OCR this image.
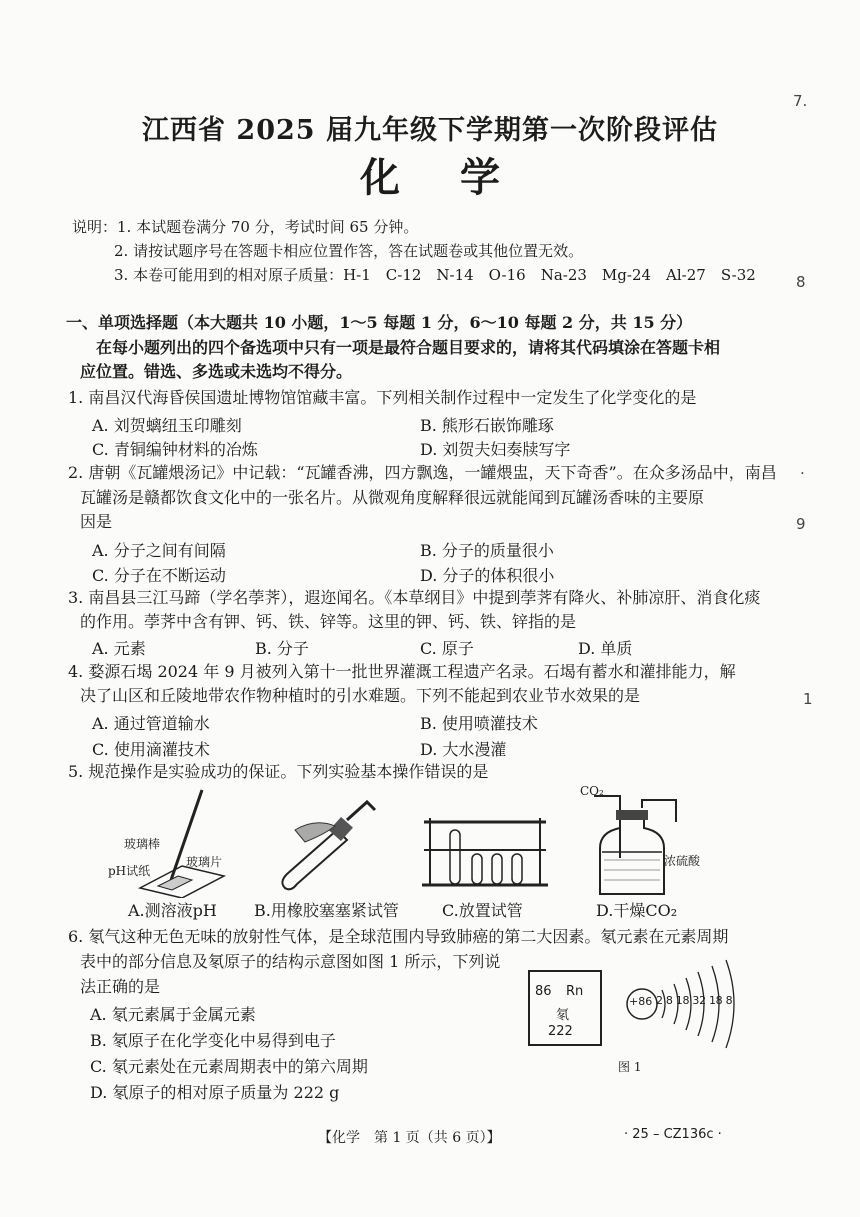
7.
8
.
9
1
江西省 2025 届九年级下学期第一次阶段评估
化学
说明：1. 本试题卷满分 70 分，考试时间 65 分钟。
2. 请按试题序号在答题卡相应位置作答，答在试题卷或其他位置无效。
3. 本卷可能用到的相对原子质量：H-1　C-12　N-14　O-16　Na-23　Mg-24　Al-27　S-32
一、单项选择题（本大题共 10 小题，1～5 每题 1 分，6～10 每题 2 分，共 15 分）
在每小题列出的四个备选项中只有一项是最符合题目要求的，请将其代码填涂在答题卡相
应位置。错选、多选或未选均不得分。
1. 南昌汉代海昏侯国遗址博物馆馆藏丰富。下列相关制作过程中一定发生了化学变化的是
A. 刘贺螭纽玉印雕刻	B. 熊形石嵌饰雕琢
C. 青铜编钟材料的冶炼	D. 刘贺夫妇奏牍写字
2. 唐朝《瓦罐煨汤记》中记载：“瓦罐香沸，四方飘逸，一罐煨盅，天下奇香”。在众多汤品中，南昌
瓦罐汤是赣都饮食文化中的一张名片。从微观角度解释很远就能闻到瓦罐汤香味的主要原
因是
A. 分子之间有间隔	B. 分子的质量很小
C. 分子在不断运动	D. 分子的体积很小
3. 南昌县三江马蹄（学名荸荠），遐迩闻名。《本草纲目》中提到荸荠有降火、补肺凉肝、消食化痰
的作用。荸荠中含有钾、钙、铁、锌等。这里的钾、钙、铁、锌指的是
A. 元素	B. 分子	C. 原子	D. 单质
4. 婺源石堨 2024 年 9 月被列入第十一批世界灌溉工程遗产名录。石堨有蓄水和灌排能力，解
决了山区和丘陵地带农作物种植时的引水难题。下列不能起到农业节水效果的是
A. 通过管道输水	B. 使用喷灌技术
C. 使用滴灌技术	D. 大水漫灌
5. 规范操作是实验成功的保证。下列实验基本操作错误的是
玻璃棒
pH试纸
玻璃片
A.测溶液pH B.用橡胶塞塞紧试管	C.放置试管
CO₂
浓硫酸
D.干燥CO₂
6. 氡气这种无色无味的放射性气体，是全球范围内导致肺癌的第二大因素。氡元素在元素周期
表中的部分信息及氡原子的结构示意图如图 1 所示，下列说
法正确的是
A. 氡元素属于金属元素
B. 氡原子在化学变化中易得到电子
C. 氡元素处在元素周期表中的第六周期
D. 氡原子的相对原子质量为 222 g
86 Rn
氡
222
+86 2 8 18 32 18 8
图 1
【化学　第 1 页（共 6 页）】	· 25 – CZ136c ·
